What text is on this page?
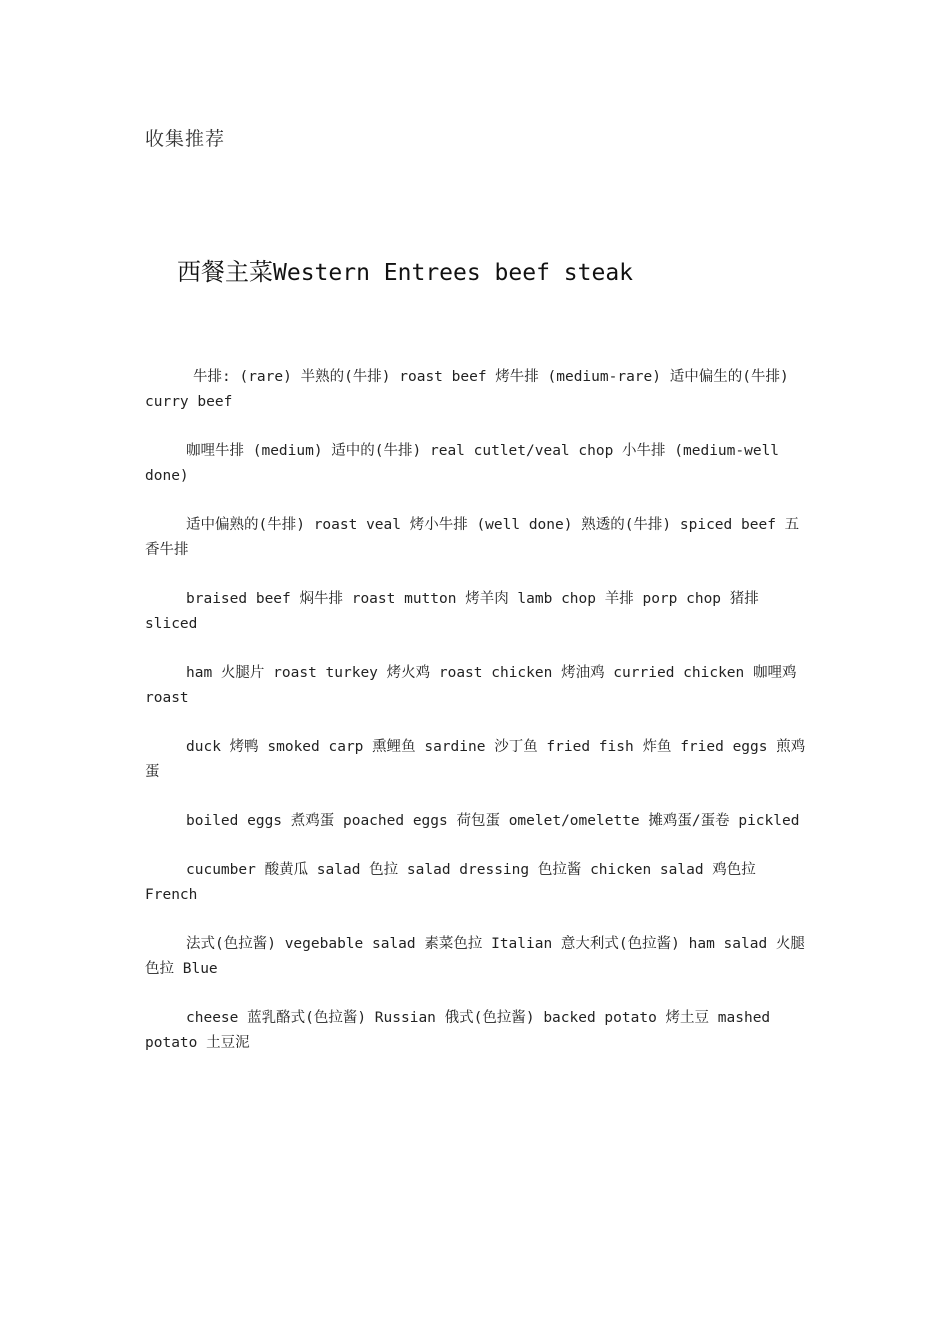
收集推荐
西餐主菜Western Entrees beef steak

牛排: (rare) 半熟的(牛排) roast beef 烤牛排 (medium-rare) 适中偏生的(牛排) curry beef

咖哩牛排 (medium) 适中的(牛排) real cutlet/veal chop 小牛排 (medium-well done)

适中偏熟的(牛排) roast veal 烤小牛排 (well done) 熟透的(牛排) spiced beef 五香牛排

braised beef 焖牛排 roast mutton 烤羊肉 lamb chop 羊排 porp chop 猪排 sliced

ham 火腿片 roast turkey 烤火鸡 roast chicken 烤油鸡 curried chicken 咖哩鸡 roast

duck 烤鸭 smoked carp 熏鲤鱼 sardine 沙丁鱼 fried fish 炸鱼 fried eggs 煎鸡蛋

boiled eggs 煮鸡蛋 poached eggs 荷包蛋 omelet/omelette 摊鸡蛋/蛋卷 pickled

cucumber 酸黄瓜 salad 色拉 salad dressing 色拉酱 chicken salad 鸡色拉 French

法式(色拉酱) vegebable salad 素菜色拉 Italian 意大利式(色拉酱) ham salad 火腿色拉 Blue

cheese 蓝乳酪式(色拉酱) Russian 俄式(色拉酱) backed potato 烤土豆 mashed potato 土豆泥
